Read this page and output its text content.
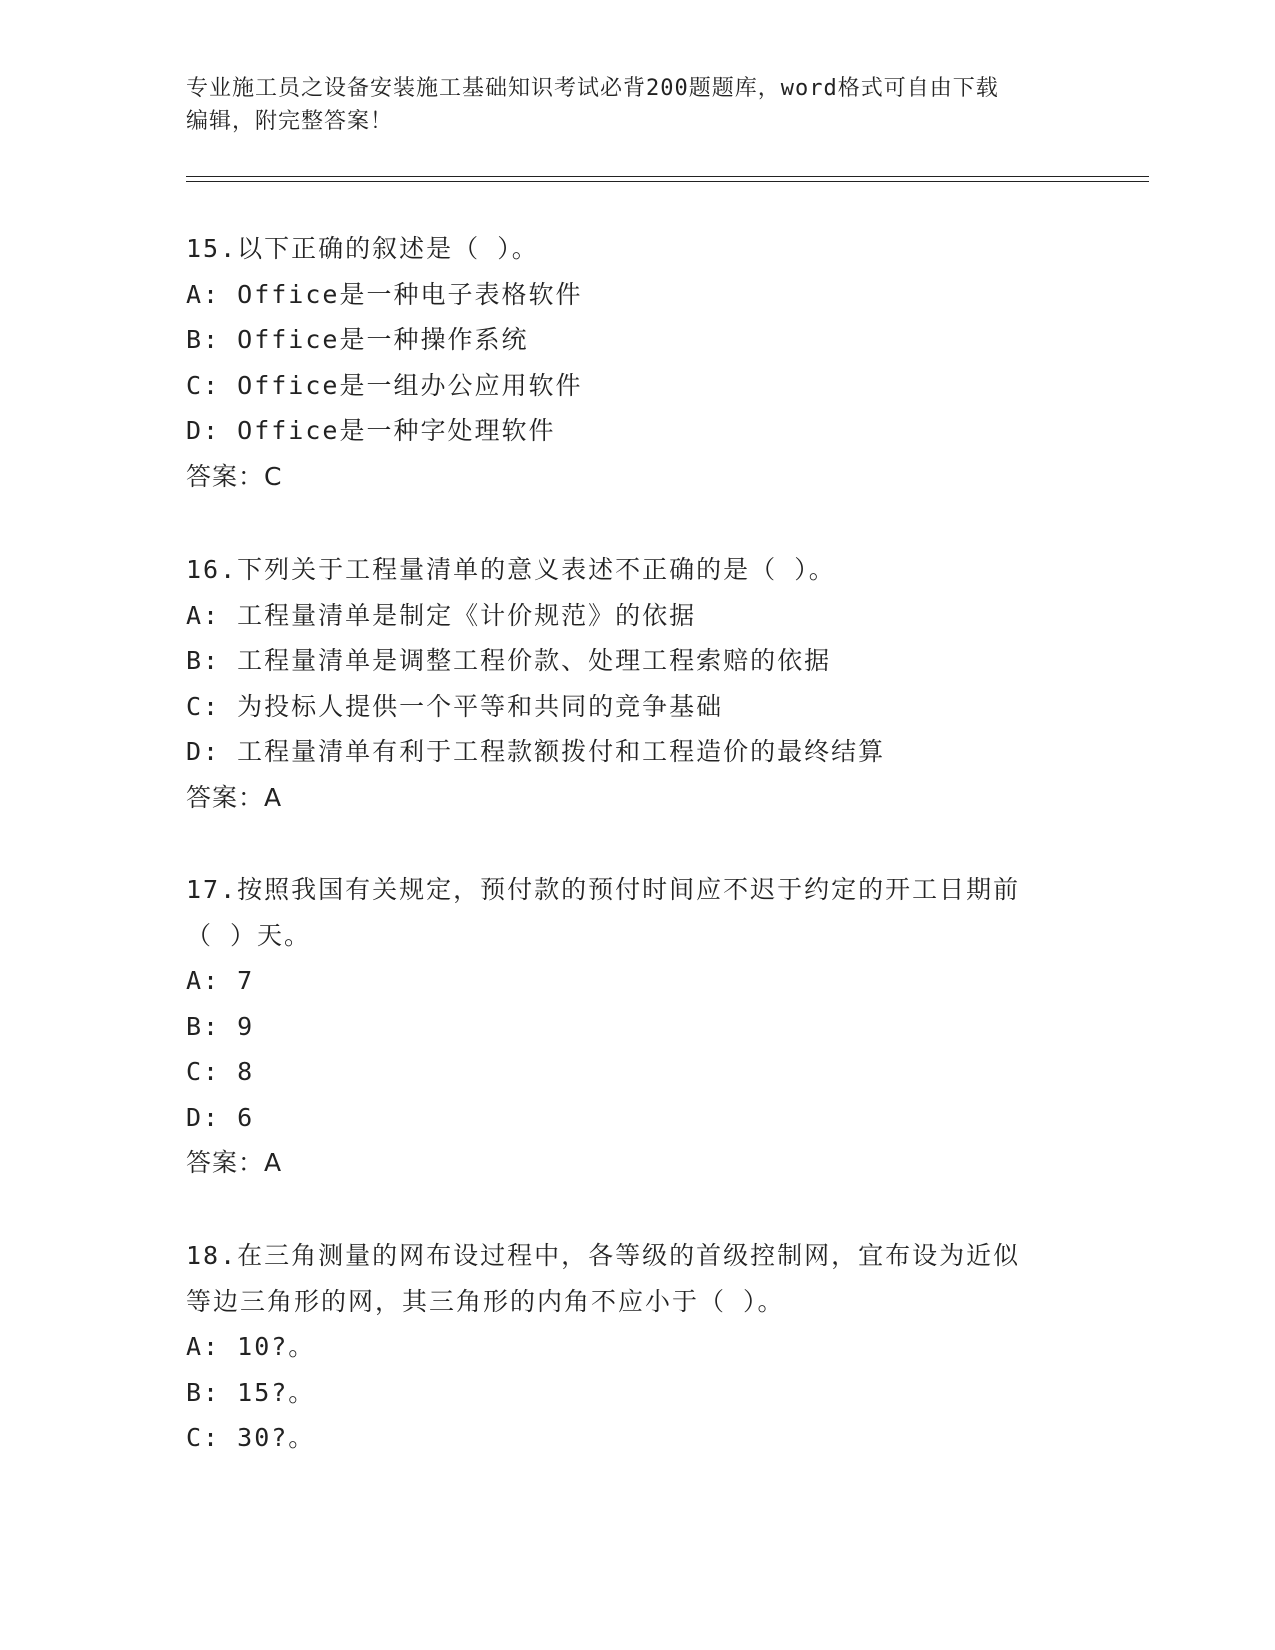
专业施工员之设备安装施工基础知识考试必背200题题库，word格式可自由下载
编辑，附完整答案！
15.以下正确的叙述是（ ）。
A: Office是一种电子表格软件
B: Office是一种操作系统
C: Office是一组办公应用软件
D: Office是一种字处理软件
答案：C
16.下列关于工程量清单的意义表述不正确的是（ ）。
A: 工程量清单是制定《计价规范》的依据
B: 工程量清单是调整工程价款、处理工程索赔的依据
C: 为投标人提供一个平等和共同的竞争基础
D: 工程量清单有利于工程款额拨付和工程造价的最终结算
答案：A
17.按照我国有关规定，预付款的预付时间应不迟于约定的开工日期前
（ ）天。
A: 7
B: 9
C: 8
D: 6
答案：A
18.在三角测量的网布设过程中，各等级的首级控制网，宜布设为近似
等边三角形的网，其三角形的内角不应小于（ ）。
A: 10?。
B: 15?。
C: 30?。
